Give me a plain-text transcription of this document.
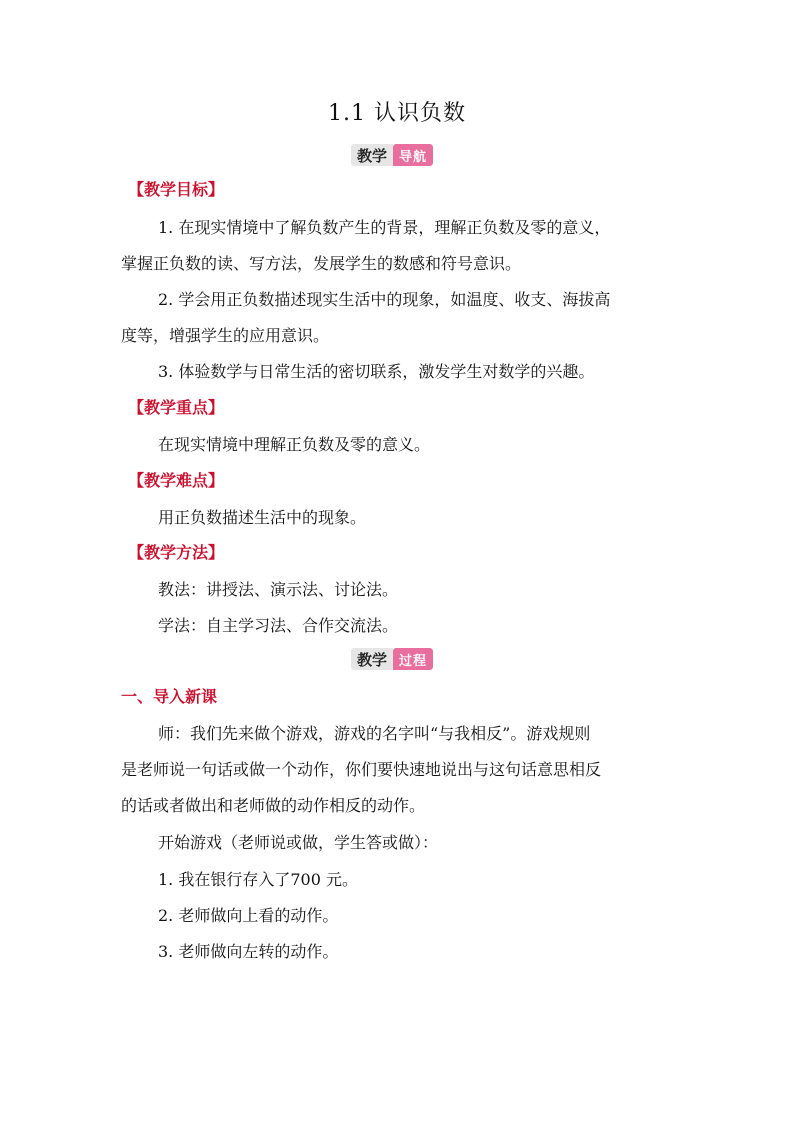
1.1 认识负数
教学 导航
【教学目标】
1. 在现实情境中了解负数产生的背景，理解正负数及零的意义，
掌握正负数的读、写方法，发展学生的数感和符号意识。
2. 学会用正负数描述现实生活中的现象，如温度、收支、海拔高
度等，增强学生的应用意识。
3. 体验数学与日常生活的密切联系，激发学生对数学的兴趣。
【教学重点】
在现实情境中理解正负数及零的意义。
【教学难点】
用正负数描述生活中的现象。
【教学方法】
教法：讲授法、演示法、讨论法。
学法：自主学习法、合作交流法。
教学 过程
一、导入新课
师：我们先来做个游戏，游戏的名字叫“与我相反”。游戏规则
是老师说一句话或做一个动作，你们要快速地说出与这句话意思相反
的话或者做出和老师做的动作相反的动作。
开始游戏（老师说或做，学生答或做）：
1. 我在银行存入了700 元。
2. 老师做向上看的动作。
3. 老师做向左转的动作。
